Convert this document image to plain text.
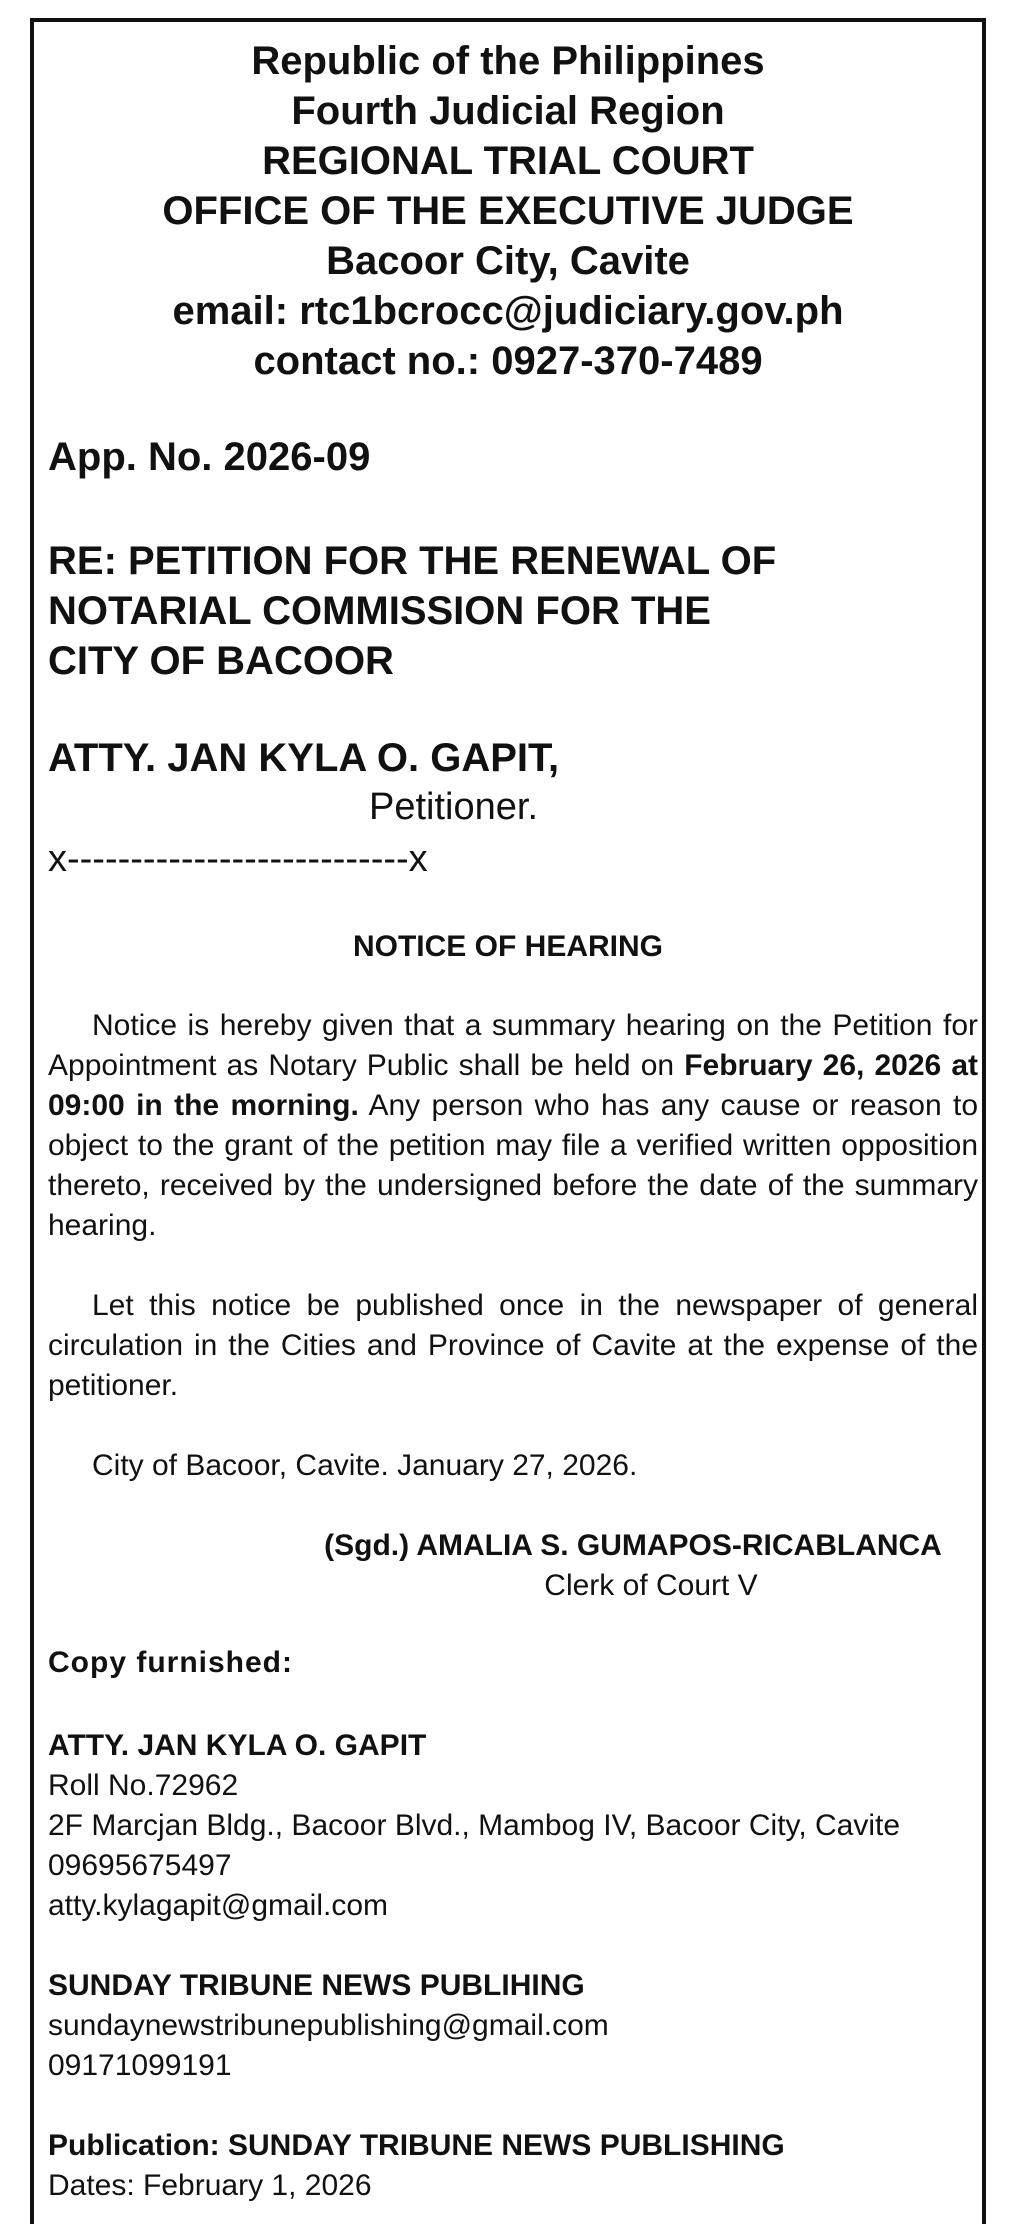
Republic of the Philippines
Fourth Judicial Region
REGIONAL TRIAL COURT
OFFICE OF THE EXECUTIVE JUDGE
Bacoor City, Cavite
email: rtc1bcrocc@judiciary.gov.ph
contact no.: 0927-370-7489
App. No. 2026-09
RE: PETITION FOR THE RENEWAL OF
NOTARIAL COMMISSION FOR THE
CITY OF BACOOR
ATTY. JAN KYLA O. GAPIT,
Petitioner.
x---------------------------x
NOTICE OF HEARING
Notice is hereby given that a summary hearing on the Petition for Appointment as Notary Public shall be held on February 26, 2026 at 09:00 in the morning. Any person who has any cause or reason to object to the grant of the petition may file a verified written opposition thereto, received by the undersigned before the date of the summary hearing.
Let this notice be published once in the newspaper of general circulation in the Cities and Province of Cavite at the expense of the petitioner.
City of Bacoor, Cavite. January 27, 2026.
(Sgd.) AMALIA S. GUMAPOS-RICABLANCA
Clerk of Court V
Copy furnished:
ATTY. JAN KYLA O. GAPIT
Roll No.72962
2F Marcjan Bldg., Bacoor Blvd., Mambog IV, Bacoor City, Cavite
09695675497
atty.kylagapit@gmail.com
SUNDAY TRIBUNE NEWS PUBLIHING
sundaynewstribunepublishing@gmail.com
09171099191
Publication: SUNDAY TRIBUNE NEWS PUBLISHING
Dates: February 1, 2026
